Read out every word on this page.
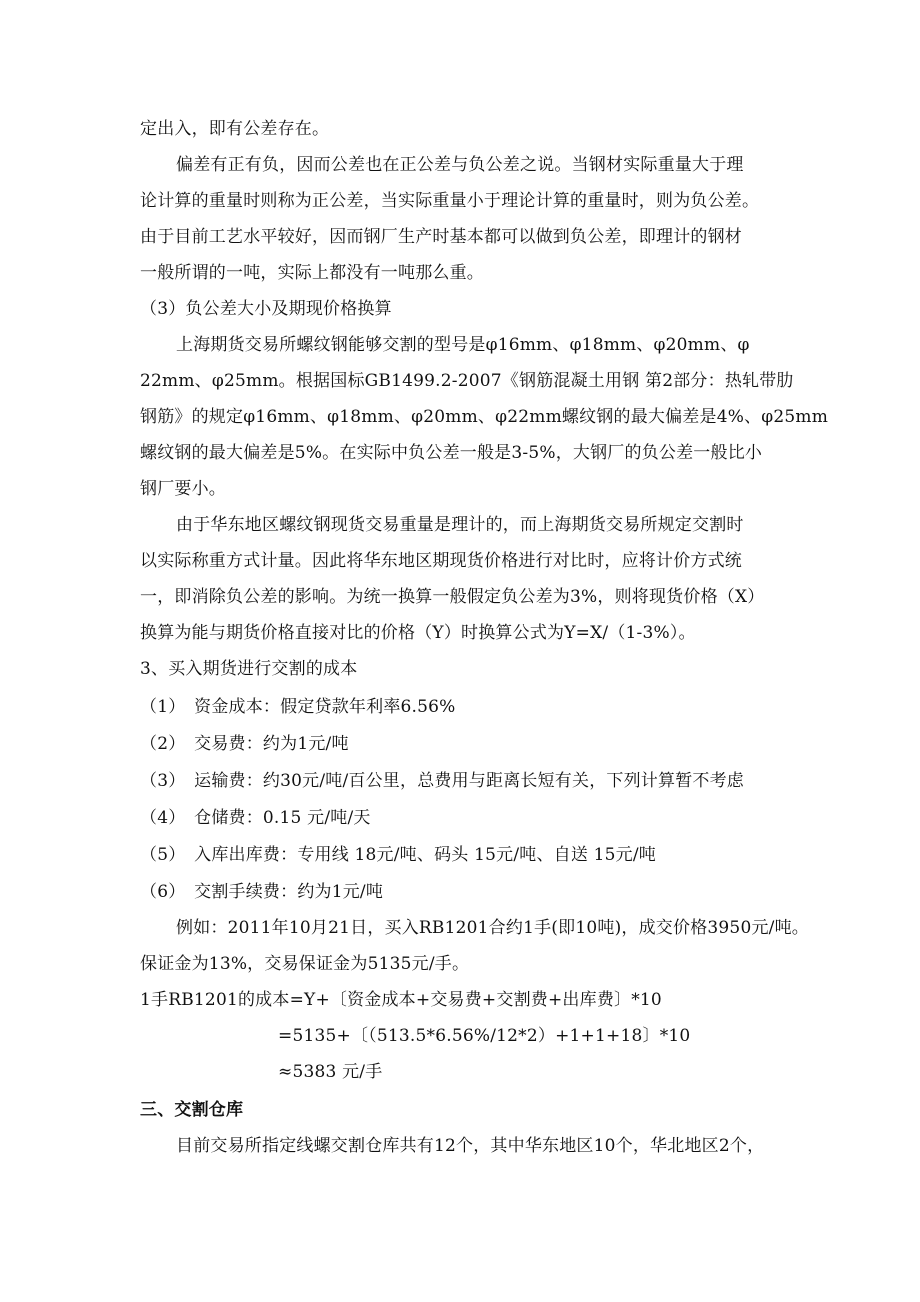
定出入，即有公差存在。
偏差有正有负，因而公差也在正公差与负公差之说。当钢材实际重量大于理
论计算的重量时则称为正公差，当实际重量小于理论计算的重量时，则为负公差。
由于目前工艺水平较好，因而钢厂生产时基本都可以做到负公差，即理计的钢材
一般所谓的一吨，实际上都没有一吨那么重。
（3）负公差大小及期现价格换算
上海期货交易所螺纹钢能够交割的型号是φ16mm、φ18mm、φ20mm、φ
22mm、φ25mm。根据国标GB1499.2-2007《钢筋混凝土用钢 第2部分：热轧带肋
钢筋》的规定φ16mm、φ18mm、φ20mm、φ22mm螺纹钢的最大偏差是4%、φ25mm
螺纹钢的最大偏差是5%。在实际中负公差一般是3-5%，大钢厂的负公差一般比小
钢厂要小。
由于华东地区螺纹钢现货交易重量是理计的，而上海期货交易所规定交割时
以实际称重方式计量。因此将华东地区期现货价格进行对比时，应将计价方式统
一，即消除负公差的影响。为统一换算一般假定负公差为3%，则将现货价格（X）
换算为能与期货价格直接对比的价格（Y）时换算公式为Y=X/（1-3%）。
3、买入期货进行交割的成本
（1）　资金成本：假定贷款年利率6.56%
（2）　交易费：约为1元/吨
（3）　运输费：约30元/吨/百公里，总费用与距离长短有关，下列计算暂不考虑
（4）　仓储费：0.15 元/吨/天
（5）　入库出库费：专用线 18元/吨、码头 15元/吨、自送 15元/吨
（6）　交割手续费：约为1元/吨
例如：2011年10月21日，买入RB1201合约1手(即10吨)，成交价格3950元/吨。
保证金为13%，交易保证金为5135元/手。
1手RB1201的成本=Y+〔资金成本+交易费+交割费+出库费〕*10
=5135+〔（513.5*6.56%/12*2）+1+1+18〕*10
≈5383 元/手
三、交割仓库
目前交易所指定线螺交割仓库共有12个，其中华东地区10个，华北地区2个，
